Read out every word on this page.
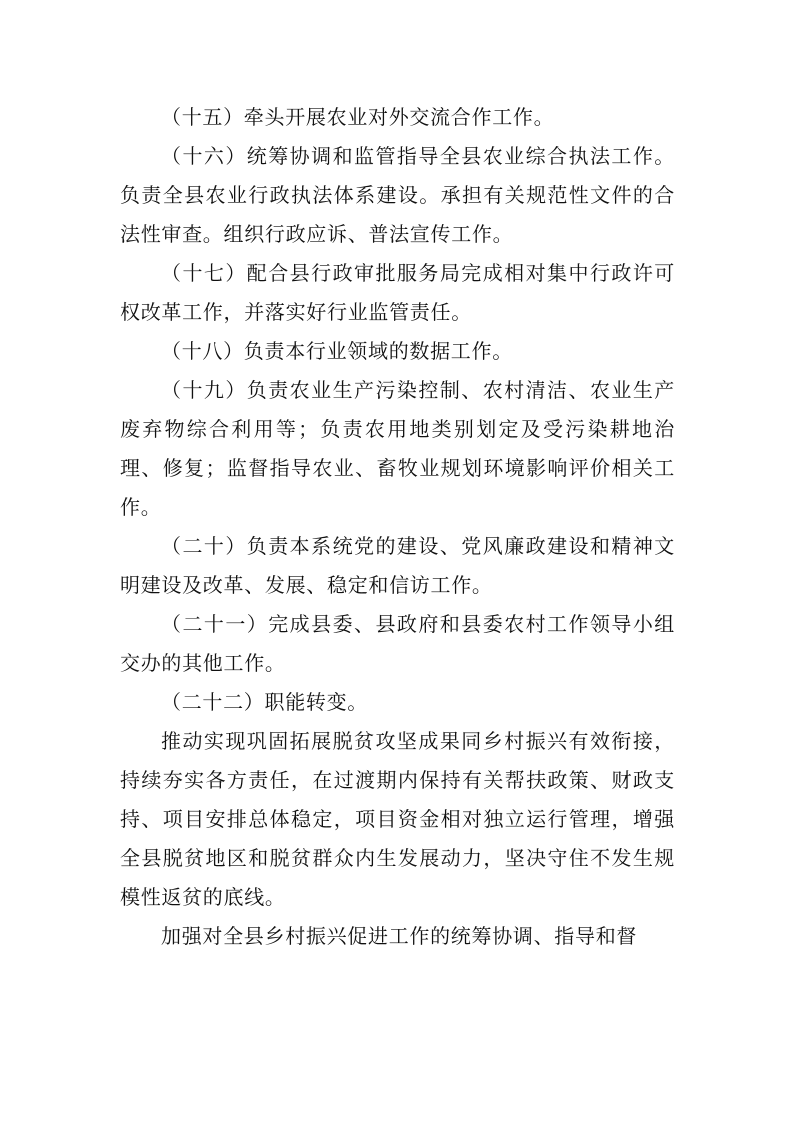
（十五）牵头开展农业对外交流合作工作。

（十六）统筹协调和监管指导全县农业综合执法工作。负责全县农业行政执法体系建设。承担有关规范性文件的合法性审查。组织行政应诉、普法宣传工作。

（十七）配合县行政审批服务局完成相对集中行政许可权改革工作，并落实好行业监管责任。

（十八）负责本行业领域的数据工作。

（十九）负责农业生产污染控制、农村清洁、农业生产废弃物综合利用等；负责农用地类别划定及受污染耕地治理、修复；监督指导农业、畜牧业规划环境影响评价相关工作。

（二十）负责本系统党的建设、党风廉政建设和精神文明建设及改革、发展、稳定和信访工作。

（二十一）完成县委、县政府和县委农村工作领导小组交办的其他工作。

（二十二）职能转变。

推动实现巩固拓展脱贫攻坚成果同乡村振兴有效衔接，持续夯实各方责任，在过渡期内保持有关帮扶政策、财政支持、项目安排总体稳定，项目资金相对独立运行管理，增强全县脱贫地区和脱贫群众内生发展动力，坚决守住不发生规模性返贫的底线。

加强对全县乡村振兴促进工作的统筹协调、指导和督
